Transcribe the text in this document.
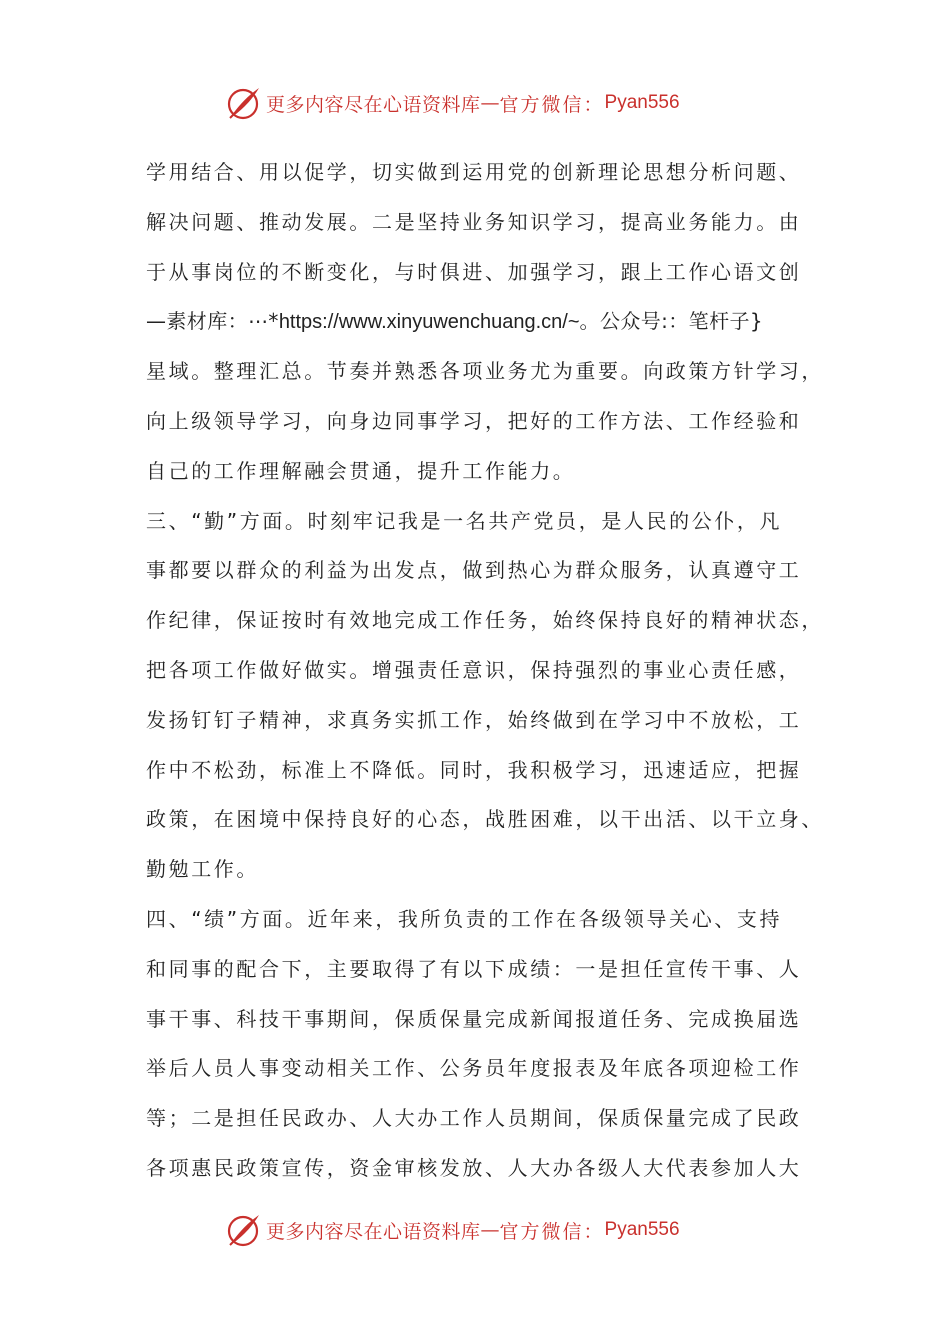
更多内容尽在心语资料库 — 官方微信： Pyan556
学用结合、用以促学，切实做到运用党的创新理论思想分析问题、
解决问题、推动发展。二是坚持业务知识学习，提高业务能力。由
于从事岗位的不断变化，与时俱进、加强学习，跟上工作心语文创
—素材库：⋯*https://www.xinyuwenchuang.cn/~。公众号:：笔杆子}
星域。整理汇总。节奏并熟悉各项业务尤为重要。向政策方针学习，
向上级领导学习，向身边同事学习，把好的工作方法、工作经验和
自己的工作理解融会贯通，提升工作能力。
三、“勤”方面。时刻牢记我是一名共产党员，是人民的公仆，凡
事都要以群众的利益为出发点，做到热心为群众服务，认真遵守工
作纪律，保证按时有效地完成工作任务，始终保持良好的精神状态，
把各项工作做好做实。增强责任意识，保持强烈的事业心责任感，
发扬钉钉子精神，求真务实抓工作，始终做到在学习中不放松，工
作中不松劲，标准上不降低。同时，我积极学习，迅速适应，把握
政策，在困境中保持良好的心态，战胜困难，以干出活、以干立身、
勤勉工作。
四、“绩”方面。近年来，我所负责的工作在各级领导关心、支持
和同事的配合下，主要取得了有以下成绩：一是担任宣传干事、人
事干事、科技干事期间，保质保量完成新闻报道任务、完成换届选
举后人员人事变动相关工作、公务员年度报表及年底各项迎检工作
等；二是担任民政办、人大办工作人员期间，保质保量完成了民政
各项惠民政策宣传，资金审核发放、人大办各级人大代表参加人大
更多内容尽在心语资料库 — 官方微信： Pyan556
